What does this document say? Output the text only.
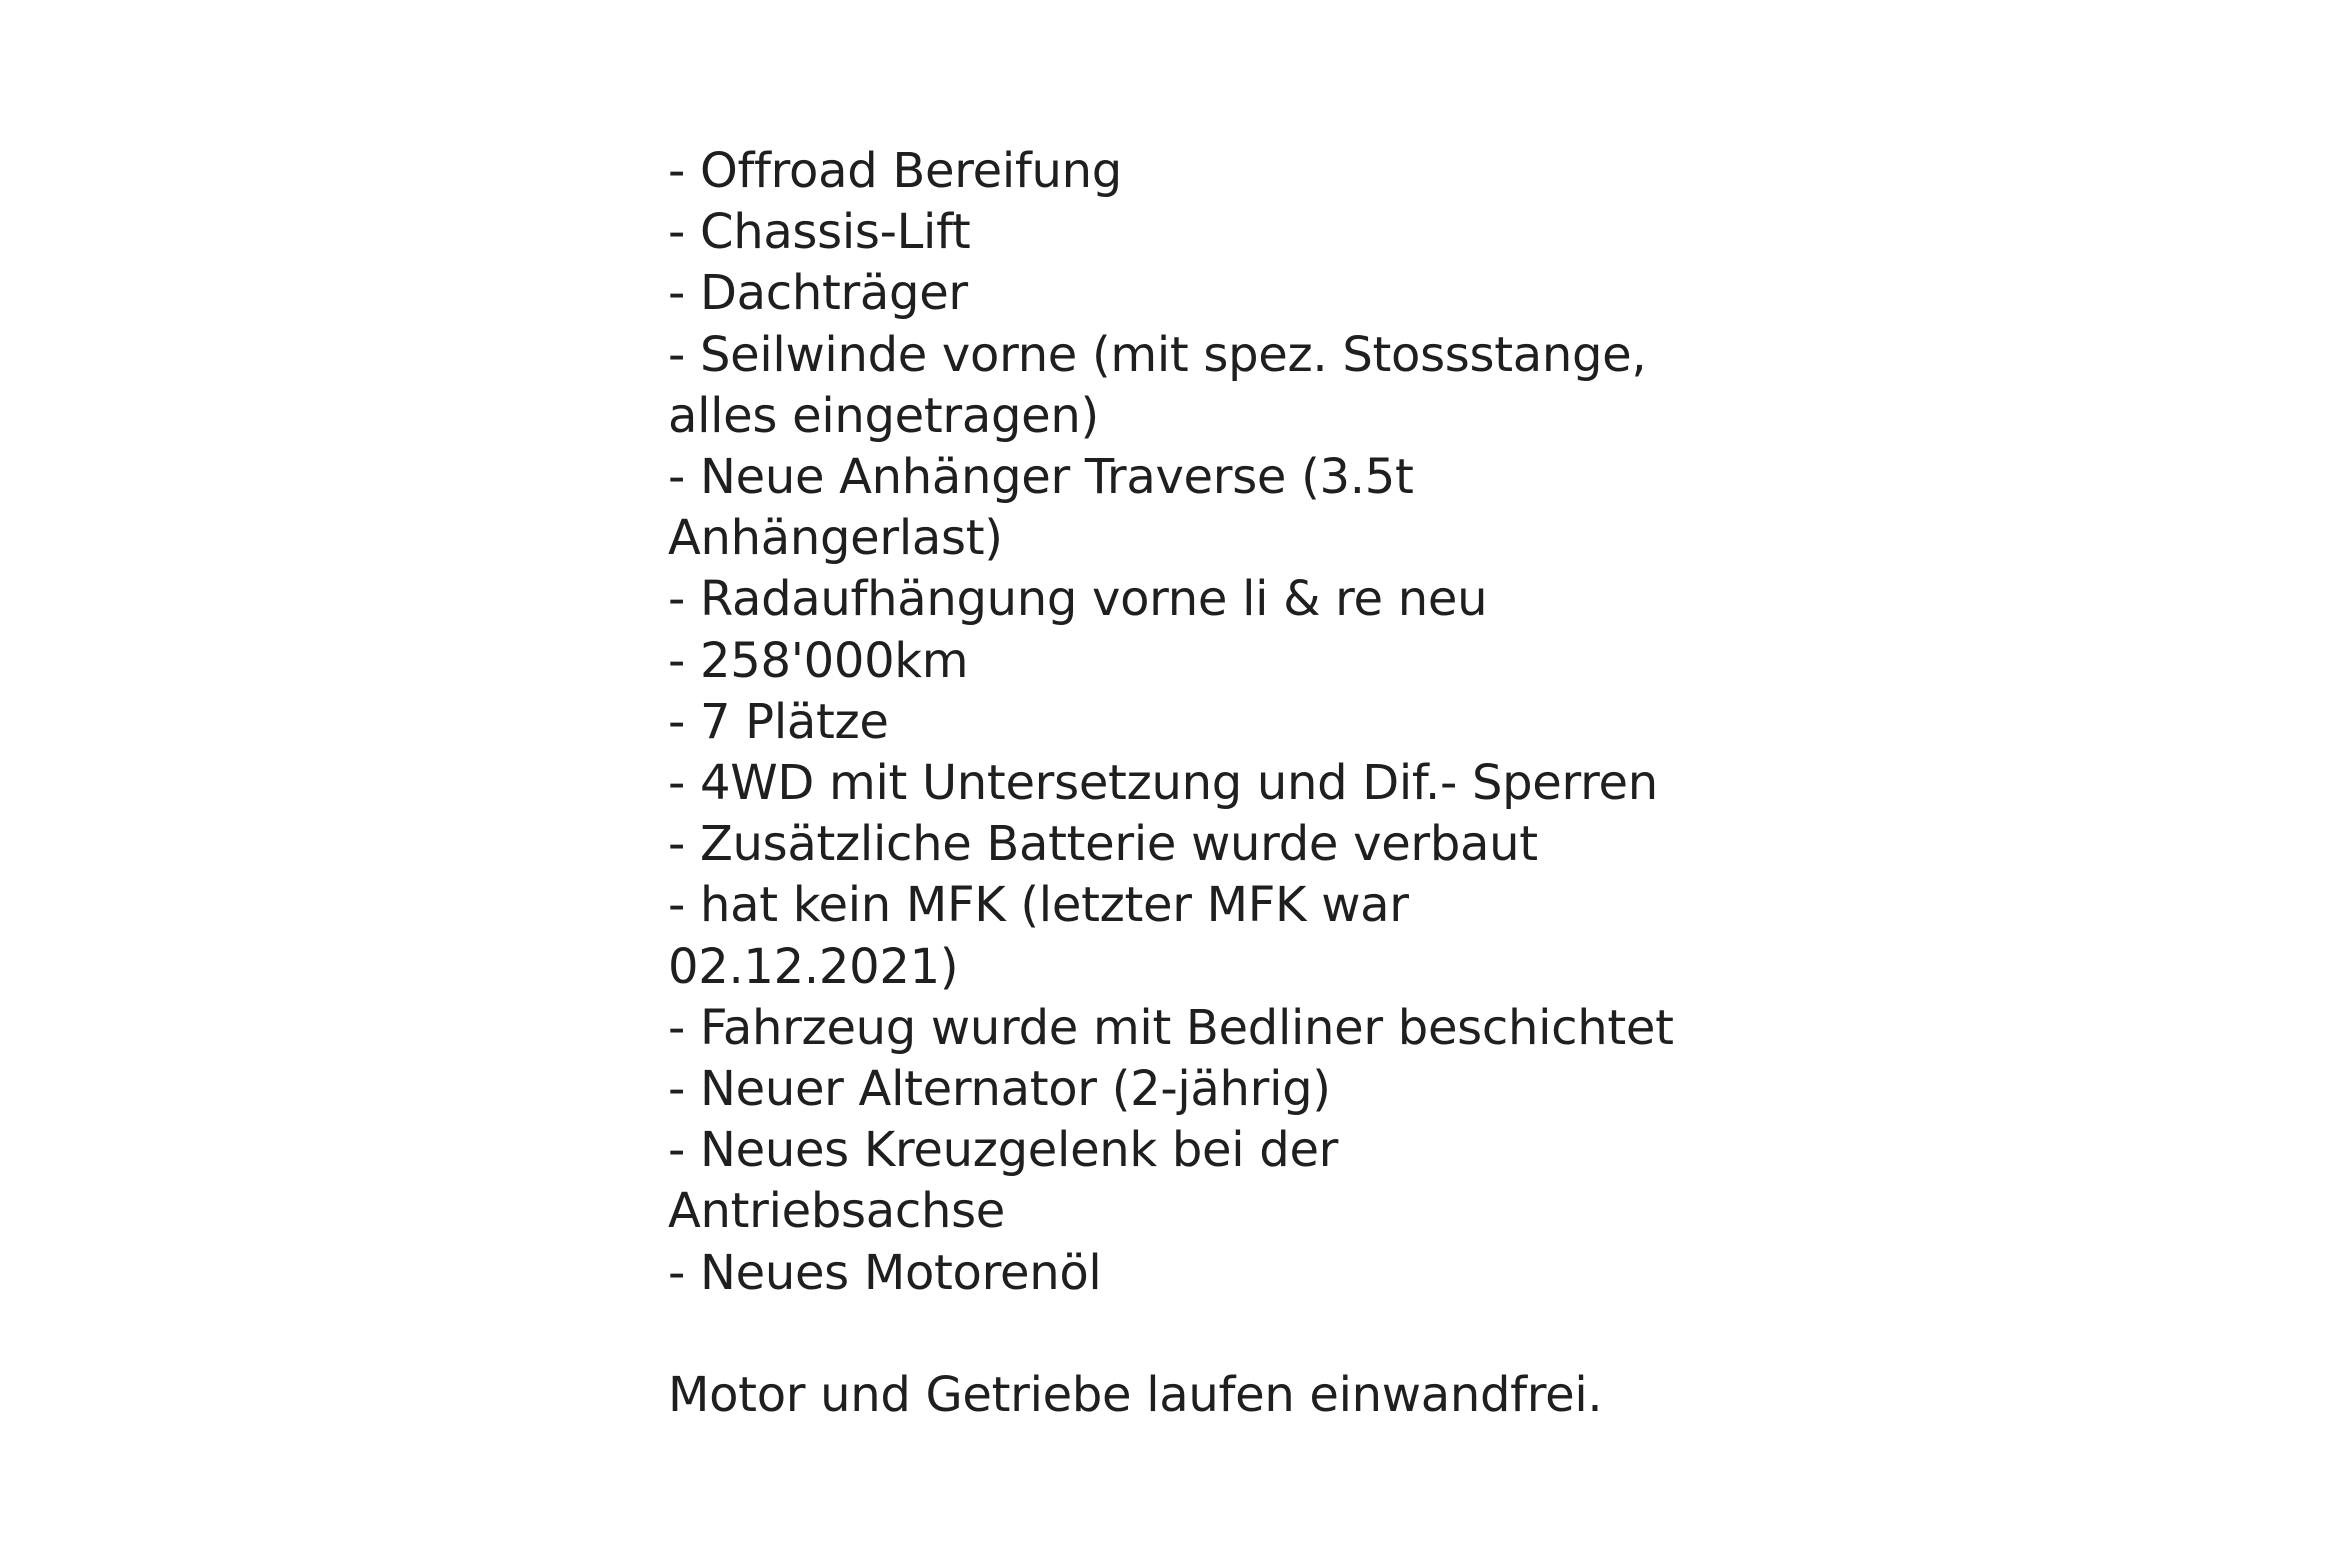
- Offroad Bereifung
- Chassis-Lift
- Dachträger
- Seilwinde vorne (mit spez. Stossstange,
alles eingetragen)
- Neue Anhänger Traverse (3.5t
Anhängerlast)
- Radaufhängung vorne li & re neu
- 258'000km
- 7 Plätze
- 4WD mit Untersetzung und Dif.- Sperren
- Zusätzliche Batterie wurde verbaut
- hat kein MFK (letzter MFK war
02.12.2021)
- Fahrzeug wurde mit Bedliner beschichtet
- Neuer Alternator (2-jährig)
- Neues Kreuzgelenk bei der
Antriebsachse
- Neues Motorenöl
Motor und Getriebe laufen einwandfrei.
